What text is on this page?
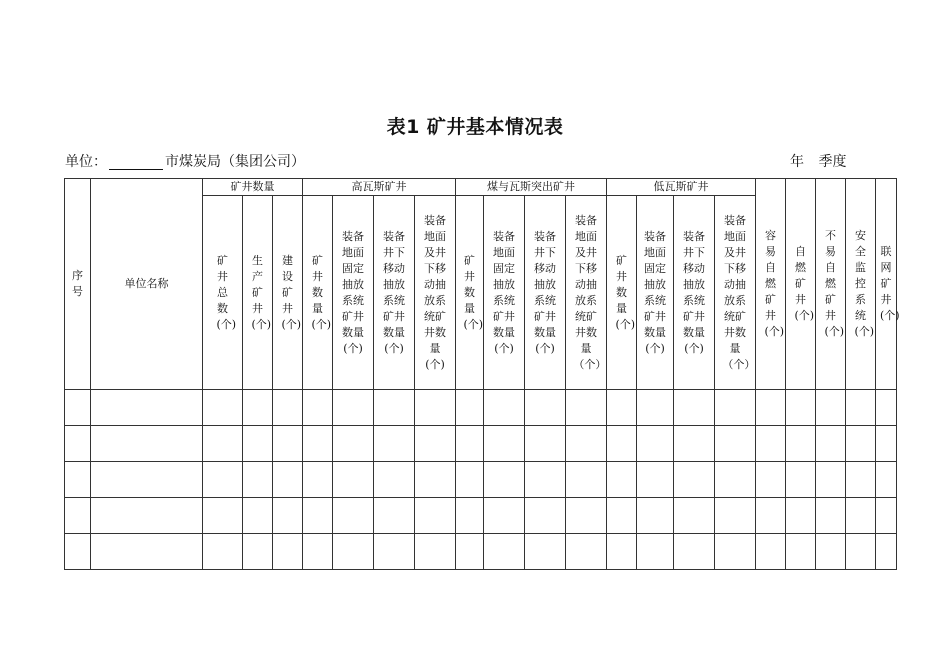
表1 矿井基本情况表
单位：	市煤炭局（集团公司）	年 季度
序号	单位名称	矿井数量			高瓦斯矿井				煤与瓦斯突出矿井				低瓦斯矿井				容易自燃矿井(个)	自燃矿井(个)	不易自燃矿井(个)	安全监控系统(个)	联网矿井(个)
		矿井总数(个)	生产矿井(个)	建设矿井(个)	矿井数量(个)	装备地面固定抽放系统矿井数量(个)	装备井下移动抽放系统矿井数量(个)	装备地面及井下移动抽放系统矿井数量(个)	矿井数量(个)	装备地面固定抽放系统矿井数量(个)	装备井下移动抽放系统矿井数量(个)	装备地面及井下移动抽放系统矿井数量（个）	矿井数量(个)	装备地面固定抽放系统矿井数量(个)	装备井下移动抽放系统矿井数量(个)	装备地面及井下移动抽放系统矿井数量（个）					
